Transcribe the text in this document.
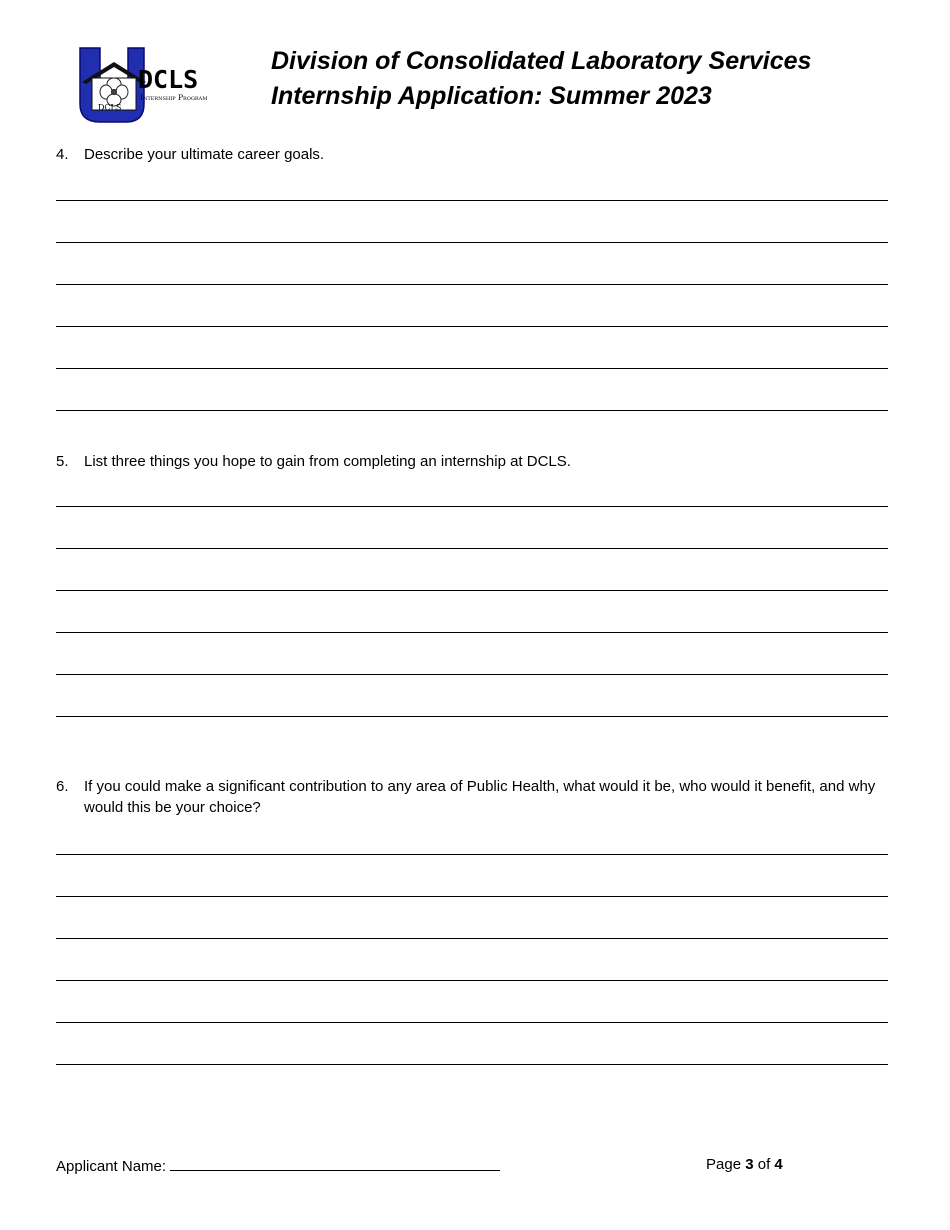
DCLS
DCLS
Internship Program
Division of Consolidated Laboratory Services
Internship Application: Summer 2023
4. Describe your ultimate career goals.
5. List three things you hope to gain from completing an internship at DCLS.
6. If you could make a significant contribution to any area of Public Health, what would it be, who would it benefit, and why would this be your choice?
Applicant Name:	Page 3 of 4
